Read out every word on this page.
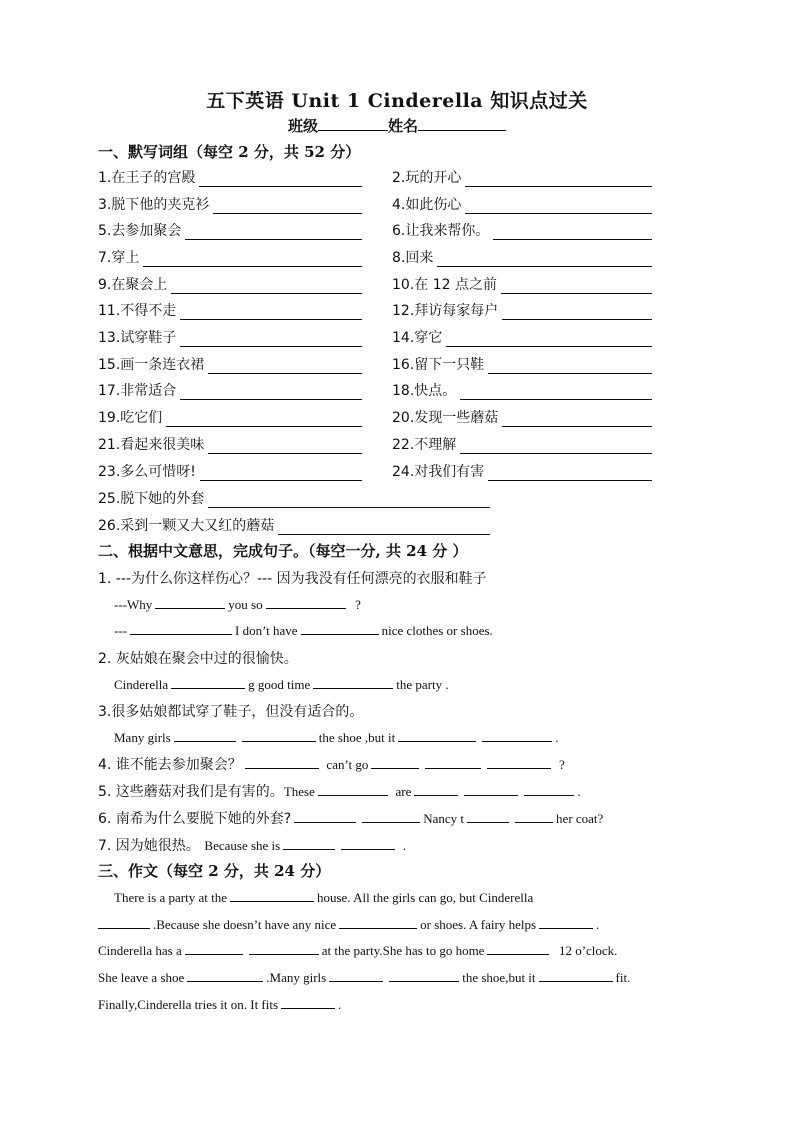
五下英语 Unit 1 Cinderella 知识点过关
班级	姓名
一、默写词组（每空 2 分，共 52 分）
1.在王子的宫殿	2.玩的开心
3.脱下他的夹克衫	4.如此伤心
5.去参加聚会	6.让我来帮你。
7.穿上	8.回来
9.在聚会上	10.在 12 点之前
11.不得不走	12.拜访每家每户
13.试穿鞋子	14.穿它
15.画一条连衣裙	16.留下一只鞋
17.非常适合	18.快点。
19.吃它们	20.发现一些蘑菇
21.看起来很美味	22.不理解
23.多么可惜呀!	24.对我们有害
25.脱下她的外套
26.采到一颗又大又红的蘑菇
二、根据中文意思，完成句子。（每空一分, 共 24 分 ）
1. ---为什么你这样伤心？--- 因为我没有任何漂亮的衣服和鞋子
---Why	you so	?
---	I don’t have	nice clothes or shoes.
2. 灰姑娘在聚会中过的很愉快。
Cinderella	g good time	the party .
3.很多姑娘都试穿了鞋子，但没有适合的。
Many girls	the shoe ,but it	.
4. 谁不能去参加聚会？	can’t go	?
5. 这些蘑菇对我们是有害的。These	are	.
6. 南希为什么要脱下她的外套?	Nancy t	her coat?
7. 因为她很热。 Because she is	.
三、作文（每空 2 分，共 24 分）
There is a party at the	house. All the girls can go, but Cinderella
.Because she doesn’t have any nice	or shoes. A fairy helps	.
Cinderella has a	at the party.She has to go home	12 o’clock.
She leave a shoe	.Many girls	the shoe,but it	fit.
Finally,Cinderella tries it on. It fits	.
